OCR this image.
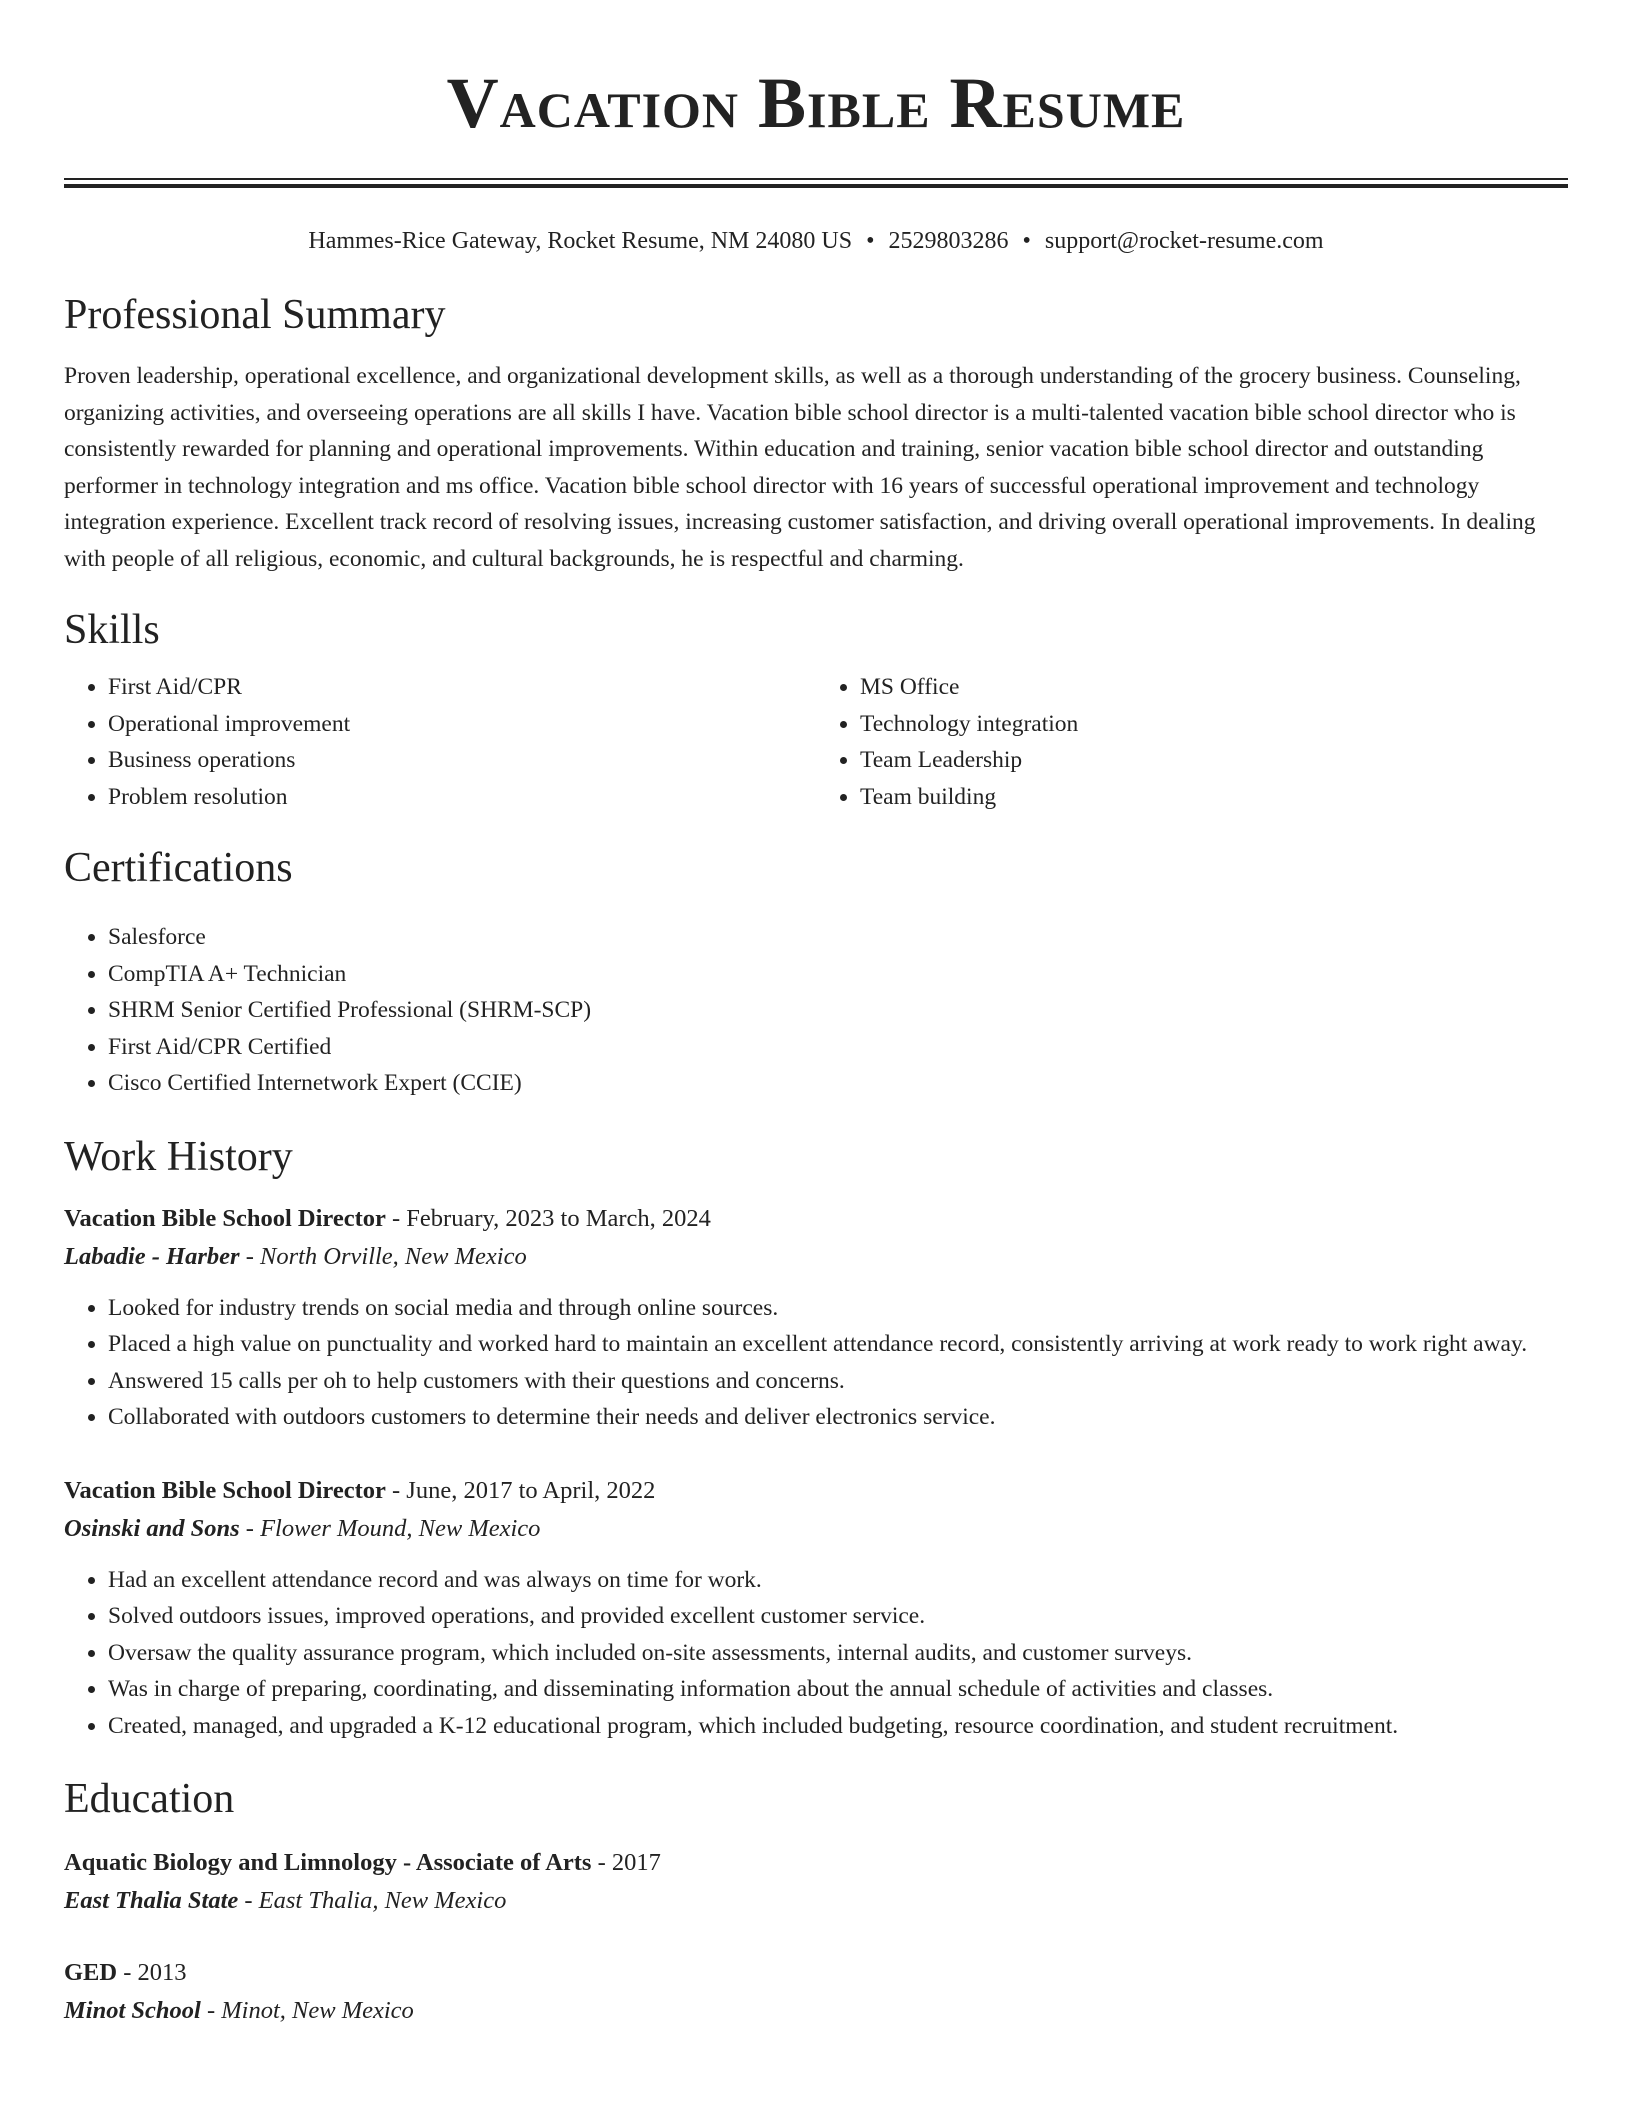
Vacation Bible Resume
Hammes-Rice Gateway, Rocket Resume, NM 24080 US • 2529803286 • support@rocket-resume.com
Professional Summary

Proven leadership, operational excellence, and organizational development skills, as well as a thorough understanding of the grocery business. Counseling, organizing activities, and overseeing operations are all skills I have. Vacation bible school director is a multi-talented vacation bible school director who is consistently rewarded for planning and operational improvements. Within education and training, senior vacation bible school director and outstanding performer in technology integration and ms office. Vacation bible school director with 16 years of successful operational improvement and technology integration experience. Excellent track record of resolving issues, increasing customer satisfaction, and driving overall operational improvements. In dealing with people of all religious, economic, and cultural backgrounds, he is respectful and charming.

Skills
• First Aid/CPR
• Operational improvement
• Business operations
• Problem resolution
• MS Office
• Technology integration
• Team Leadership
• Team building
Certifications
• Salesforce
• CompTIA A+ Technician
• SHRM Senior Certified Professional (SHRM-SCP)
• First Aid/CPR Certified
• Cisco Certified Internetwork Expert (CCIE)
Work History
Vacation Bible School Director - February, 2023 to March, 2024
Labadie - Harber - North Orville, New Mexico
• Looked for industry trends on social media and through online sources.
• Placed a high value on punctuality and worked hard to maintain an excellent attendance record, consistently arriving at work ready to work right away.
• Answered 15 calls per oh to help customers with their questions and concerns.
• Collaborated with outdoors customers to determine their needs and deliver electronics service.
Vacation Bible School Director - June, 2017 to April, 2022
Osinski and Sons - Flower Mound, New Mexico
• Had an excellent attendance record and was always on time for work.
• Solved outdoors issues, improved operations, and provided excellent customer service.
• Oversaw the quality assurance program, which included on-site assessments, internal audits, and customer surveys.
• Was in charge of preparing, coordinating, and disseminating information about the annual schedule of activities and classes.
• Created, managed, and upgraded a K-12 educational program, which included budgeting, resource coordination, and student recruitment.
Education
Aquatic Biology and Limnology - Associate of Arts - 2017
East Thalia State - East Thalia, New Mexico
GED - 2013
Minot School - Minot, New Mexico
